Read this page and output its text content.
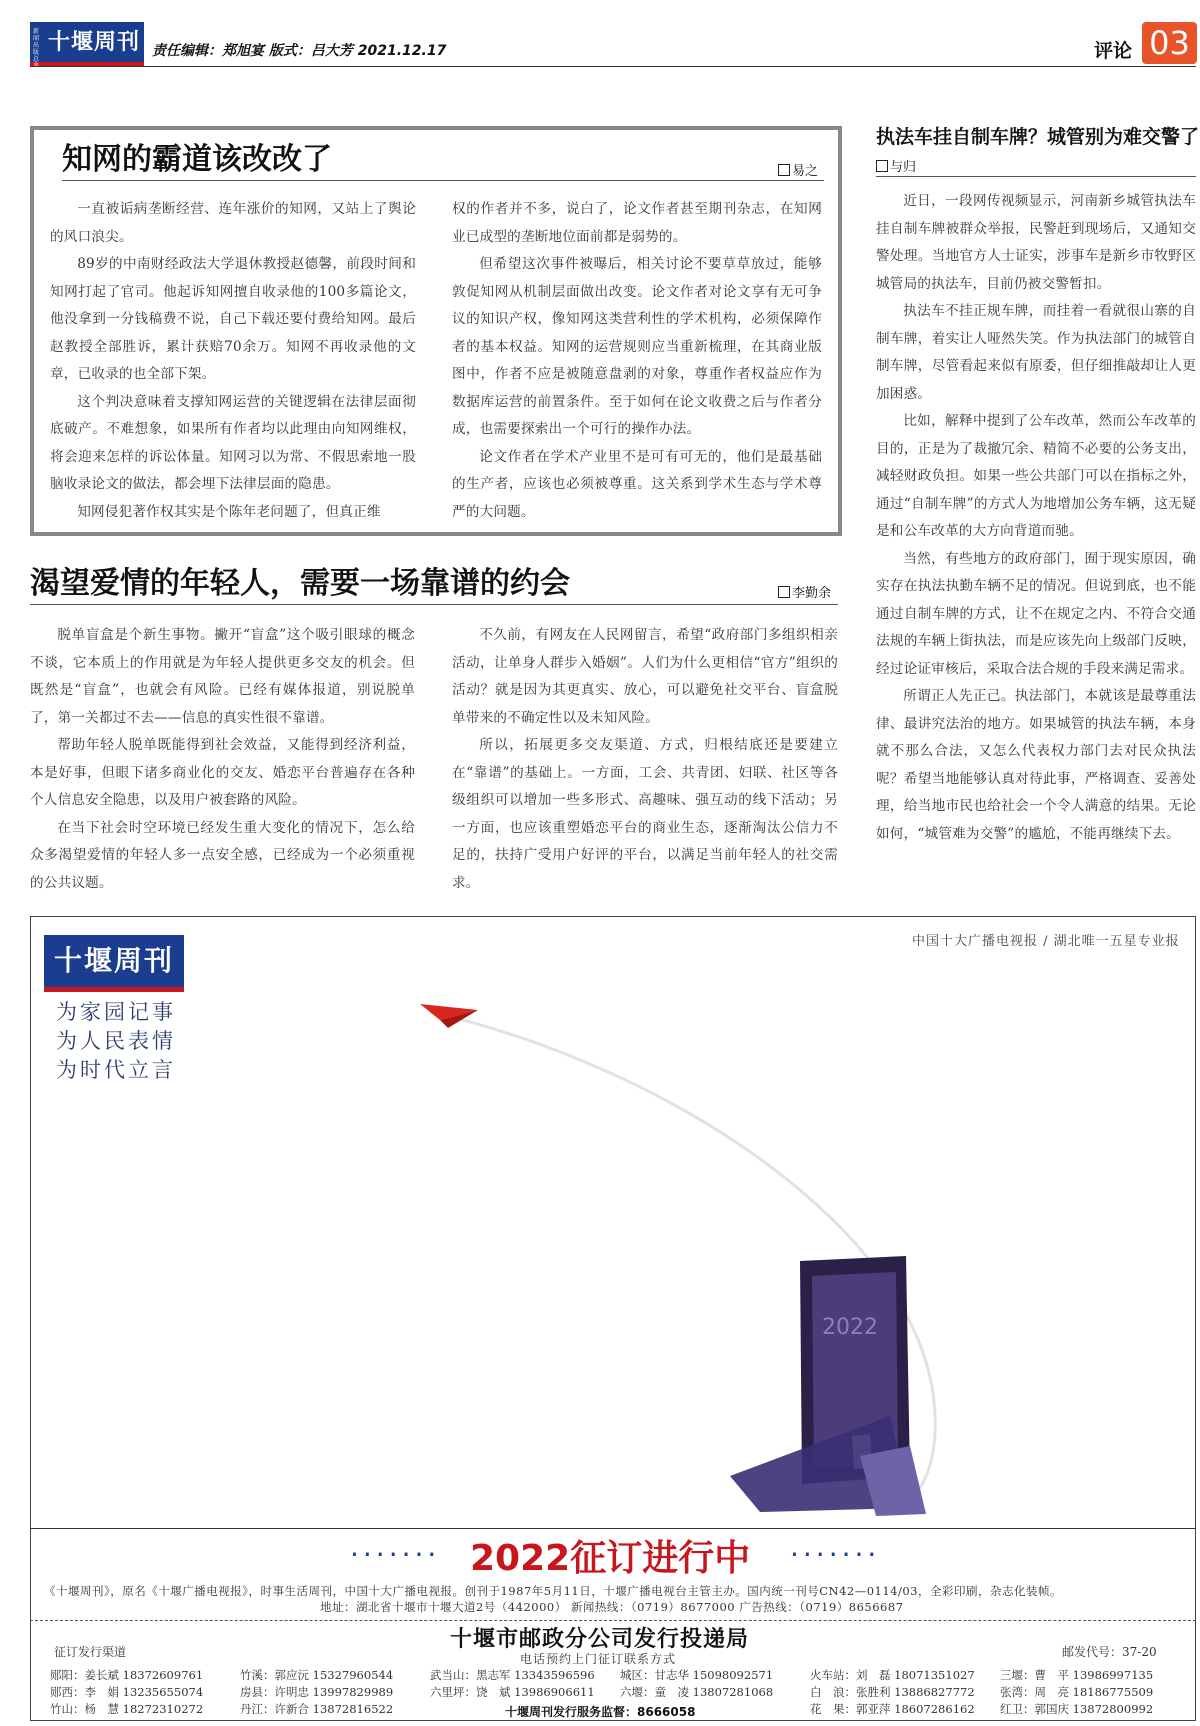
新闻出版总
十堰周刊 责任编辑：郑旭宴 版式：吕大芳 2021.12.17	评论 03
知网的霸道该改改了	易之

一直被诟病垄断经营、连年涨价的知网，又站上了舆论的风口浪尖。

89岁的中南财经政法大学退休教授赵德馨，前段时间和知网打起了官司。他起诉知网擅自收录他的100多篇论文，他没拿到一分钱稿费不说，自己下载还要付费给知网。最后赵教授全部胜诉，累计获赔70余万。知网不再收录他的文章，已收录的也全部下架。

这个判决意味着支撑知网运营的关键逻辑在法律层面彻底破产。不难想象，如果所有作者均以此理由向知网维权，将会迎来怎样的诉讼体量。知网习以为常、不假思索地一股脑收录论文的做法，都会埋下法律层面的隐患。

知网侵犯著作权其实是个陈年老问题了，但真正维

权的作者并不多，说白了，论文作者甚至期刊杂志，在知网业已成型的垄断地位面前都是弱势的。

但希望这次事件被曝后，相关讨论不要草草放过，能够敦促知网从机制层面做出改变。论文作者对论文享有无可争议的知识产权，像知网这类营利性的学术机构，必须保障作者的基本权益。知网的运营规则应当重新梳理，在其商业版图中，作者不应是被随意盘剥的对象，尊重作者权益应作为数据库运营的前置条件。至于如何在论文收费之后与作者分成，也需要探索出一个可行的操作办法。

论文作者在学术产业里不是可有可无的，他们是最基础的生产者，应该也必须被尊重。这关系到学术生态与学术尊严的大问题。

渴望爱情的年轻人，需要一场靠谱的约会	李勤余

脱单盲盒是个新生事物。撇开“盲盒”这个吸引眼球的概念不谈，它本质上的作用就是为年轻人提供更多交友的机会。但既然是“盲盒”，也就会有风险。已经有媒体报道，别说脱单了，第一关都过不去——信息的真实性很不靠谱。

帮助年轻人脱单既能得到社会效益，又能得到经济利益，本是好事，但眼下诸多商业化的交友、婚恋平台普遍存在各种个人信息安全隐患，以及用户被套路的风险。

在当下社会时空环境已经发生重大变化的情况下，怎么给众多渴望爱情的年轻人多一点安全感，已经成为一个必须重视的公共议题。

不久前，有网友在人民网留言，希望“政府部门多组织相亲活动，让单身人群步入婚姻”。人们为什么更相信“官方”组织的活动？就是因为其更真实、放心，可以避免社交平台、盲盒脱单带来的不确定性以及未知风险。

所以，拓展更多交友渠道、方式，归根结底还是要建立在“靠谱”的基础上。一方面，工会、共青团、妇联、社区等各级组织可以增加一些多形式、高趣味、强互动的线下活动；另一方面，也应该重塑婚恋平台的商业生态，逐渐淘汰公信力不足的，扶持广受用户好评的平台，以满足当前年轻人的社交需求。

执法车挂自制车牌？城管别为难交警了
与归

近日，一段网传视频显示，河南新乡城管执法车挂自制车牌被群众举报，民警赶到现场后，又通知交警处理。当地官方人士证实，涉事车是新乡市牧野区城管局的执法车，目前仍被交警暂扣。

执法车不挂正规车牌，而挂着一看就很山寨的自制车牌，着实让人哑然失笑。作为执法部门的城管自制车牌，尽管看起来似有原委，但仔细推敲却让人更加困惑。

比如，解释中提到了公车改革，然而公车改革的目的，正是为了裁撤冗余、精简不必要的公务支出，减轻财政负担。如果一些公共部门可以在指标之外，通过“自制车牌”的方式人为地增加公务车辆，这无疑是和公车改革的大方向背道而驰。

当然，有些地方的政府部门，囿于现实原因，确实存在执法执勤车辆不足的情况。但说到底，也不能通过自制车牌的方式，让不在规定之内、不符合交通法规的车辆上街执法，而是应该先向上级部门反映，经过论证审核后，采取合法合规的手段来满足需求。

所谓正人先正己。执法部门，本就该是最尊重法律、最讲究法治的地方。如果城管的执法车辆，本身就不那么合法，又怎么代表权力部门去对民众执法呢？希望当地能够认真对待此事，严格调查、妥善处理，给当地市民也给社会一个令人满意的结果。无论如何，“城管难为交警”的尴尬，不能再继续下去。

十堰周刊
中国十大广播电视报 / 湖北唯一五星专业报
为家园记事
为人民表情
为时代立言
2022
······· 2022征订进行中 ·······
《十堰周刊》，原名《十堰广播电视报》，时事生活周刊，中国十大广播电视报。创刊于1987年5月11日，十堰广播电视台主管主办。国内统一刊号CN42—0114/03，全彩印刷，杂志化装帧。
地址：湖北省十堰市十堰大道2号（442000） 新闻热线：（0719）8677000 广告热线：（0719）8656687
十堰市邮政分公司发行投递局
电话预约上门征订联系方式
征订发行渠道	邮发代号：37-20
郧阳：姜长斌 18372609761	竹溪：郭应沅 15327960544	武当山：黑志军 13343596596	城区：甘志华 15098092571	火车站：刘　磊 18071351027	三堰：曹　平 13986997135
郧西：李　娟 13235655074	房县：许明忠 13997829989	六里坪：饶　斌 13986906611	六堰：童　凌 13807281068	白　浪：张胜利 13886827772	张湾：周　亮 18186775509
竹山：杨　慧 18272310272	丹江：许新合 13872816522	花　果：郭亚萍 18607286162	红卫：郭国庆 13872800992
十堰周刊发行服务监督：8666058
